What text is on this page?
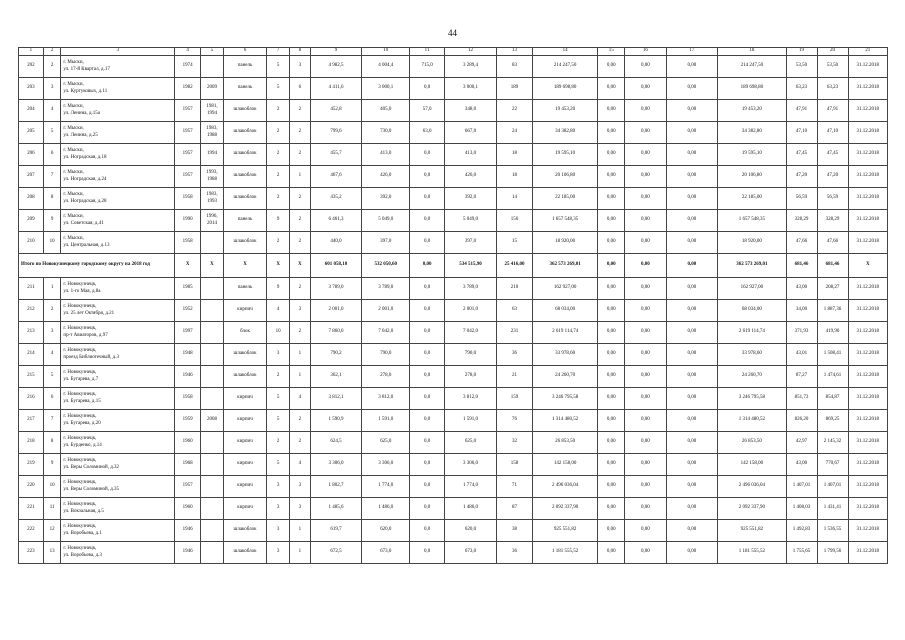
44
1	2	3	4	5	6	7	8	9	10	11	12	13	14	15	16	17	18	19	20	21
202	2	г. Мыски,
ул. 17-й Квартал, д.17	1974		панель	5	3	4 982,5	4 004,4	715,0	3 289,4	83	214 247,50	0,00	0,00	0,00	214 247,50	53,50	53,50	31.12.2018
203	3	г. Мыски,
ул. Куртуковых, д.11	1982	2009	панель	5	6	4 411,6	3 000,1	0,0	3 000,1	189	189 698,80	0,00	0,00	0,00	189 698,80	63,23	63,23	31.12.2018
204	4	г. Мыски,
ул. Ленина, д.15а	1957	1981, 1994	шлакоблок	2	2	452,8	405,0	57,0	348,0	22	19 453,20	0,00	0,00	0,00	19 453,20	47,91	47,91	31.12.2018
205	5	г. Мыски,
ул. Ленина, д.25	1957	1983, 1988	шлакоблок	2	2	799,6	730,0	63,0	667,0	24	34 382,80	0,00	0,00	0,00	34 382,80	47,10	47,10	31.12.2018
206	6	г. Мыски,
ул. Ноградская, д.18	1957	1994	шлакоблок	2	2	455,7	413,0	0,0	413,0	18	19 595,10	0,00	0,00	0,00	19 595,10	47,45	47,45	31.12.2018
207	7	г. Мыски,
ул. Ноградская, д.24	1957	1993, 1988	шлакоблок	2	1	467,6	426,0	0,0	426,0	18	20 106,80	0,00	0,00	0,00	20 106,80	47,20	47,20	31.12.2018
208	8	г. Мыски,
ул. Ноградская, д.28	1958	1983, 1993	шлакоблок	2	2	435,2	392,0	0,0	392,0	14	22 185,00	0,00	0,00	0,00	22 185,00	56,59	56,59	31.12.2018
209	9	г. Мыски,
ул. Советская, д.41	1990	1996, 2014	панель	9	2	6 461,3	5 049,0	0,0	5 049,0	156	1 657 548,35	0,00	0,00	0,00	1 657 548,35	328,29	328,29	31.12.2018
210	10	г. Мыски,
ул. Центральная, д.13	1958		шлакоблок	2	2	440,0	397,0	0,0	397,0	15	18 920,00	0,00	0,00	0,00	18 920,00	47,66	47,66	31.12.2018
Итого по Новокузнецкому городскому округу на 2018 год			X	X	X	X	X	601 058,10	532 050,60	0,00	534 515,90	25 416,00	362 573 269,01	0,00	0,00	0,00	362 573 269,01	681,46	681,46	X
211	1	г. Новокузнецк,
ул. 1-го Мая, д.8а	1985		панель	9	2	3 789,0	3 789,0	0,0	3 789,0	210	162 927,00	0,00	0,00	0,00	162 927,00	43,00	208,27	31.12.2018
212	2	г. Новокузнецк,
ул. 25 лет Октября, д.21	1952		кирпич	4	3	2 001,0	2 001,0	0,0	2 001,0	63	68 034,00	0,00	0,00	0,00	68 034,00	34,00	1 887,36	31.12.2018
213	3	г. Новокузнецк,
пр-т Авиаторов, д.97	1997		блок	10	2	7 860,0	7 042,0	0,0	7 042,0	231	2 619 114,74	0,00	0,00	0,00	2 619 114,74	371,93	419,90	31.12.2018
214	4	г. Новокузнецк,
проезд Библиотечный, д.3	1948		шлакоблок	3	1	790,2	790,0	0,0	790,0	36	33 978,60	0,00	0,00	0,00	33 978,60	43,01	1 508,41	31.12.2018
215	5	г. Новокузнецк,
ул. Бугарева, д.7	1946		шлакоблок	2	1	362,1	278,0	0,0	278,0	21	24 260,70	0,00	0,00	0,00	24 260,70	87,27	1 474,61	31.12.2018
216	6	г. Новокузнецк,
ул. Бугарева, д.15	1958		кирпич	5	4	3 812,1	3 812,0	0,0	3 812,0	159	3 246 795,58	0,00	0,00	0,00	3 246 795,58	851,73	854,87	31.12.2018
217	7	г. Новокузнецк,
ул. Бугарева, д.20	1959	2008	кирпич	5	2	1 590,9	1 591,0	0,0	1 591,0	76	1 314 480,52	0,00	0,00	0,00	1 314 480,52	826,20	869,25	31.12.2018
218	8	г. Новокузнецк,
ул. Бурденко, д.14	1960		кирпич	2	2	624,5	625,0	0,0	625,0	32	26 853,50	0,00	0,00	0,00	26 853,50	42,97	2 145,32	31.12.2018
219	9	г. Новокузнецк,
ул. Веры Соломиной, д.32	1968		кирпич	5	4	3 306,0	3 306,0	0,0	3 306,0	158	142 158,00	0,00	0,00	0,00	142 158,00	43,00	770,67	31.12.2018
220	10	г. Новокузнецк,
ул. Веры Соломиной, д.35	1957		кирпич	3	3	1 802,7	1 774,0	0,0	1 774,0	71	2 496 036,04	0,00	0,00	0,00	2 496 036,04	1 407,01	1 407,01	31.12.2018
221	11	г. Новокузнецк,
ул. Вокзальная, д.5	1960		кирпич	3	3	1 485,6	1 486,0	0,0	1 486,0	87	2 092 337,90	0,00	0,00	0,00	2 092 337,90	1 408,03	1 431,41	31.12.2018
222	12	г. Новокузнецк,
ул. Воробьева, д.1	1946		шлакоблок	3	1	619,7	620,0	0,0	620,0	38	925 551,82	0,00	0,00	0,00	925 551,82	1 492,83	1 536,55	31.12.2018
223	13	г. Новокузнецк,
ул. Воробьева, д.3	1946		шлакоблок	3	1	672,5	673,0	0,0	673,0	36	1 181 555,52	0,00	0,00	0,00	1 181 555,52	1 755,65	1 799,56	31.12.2018
